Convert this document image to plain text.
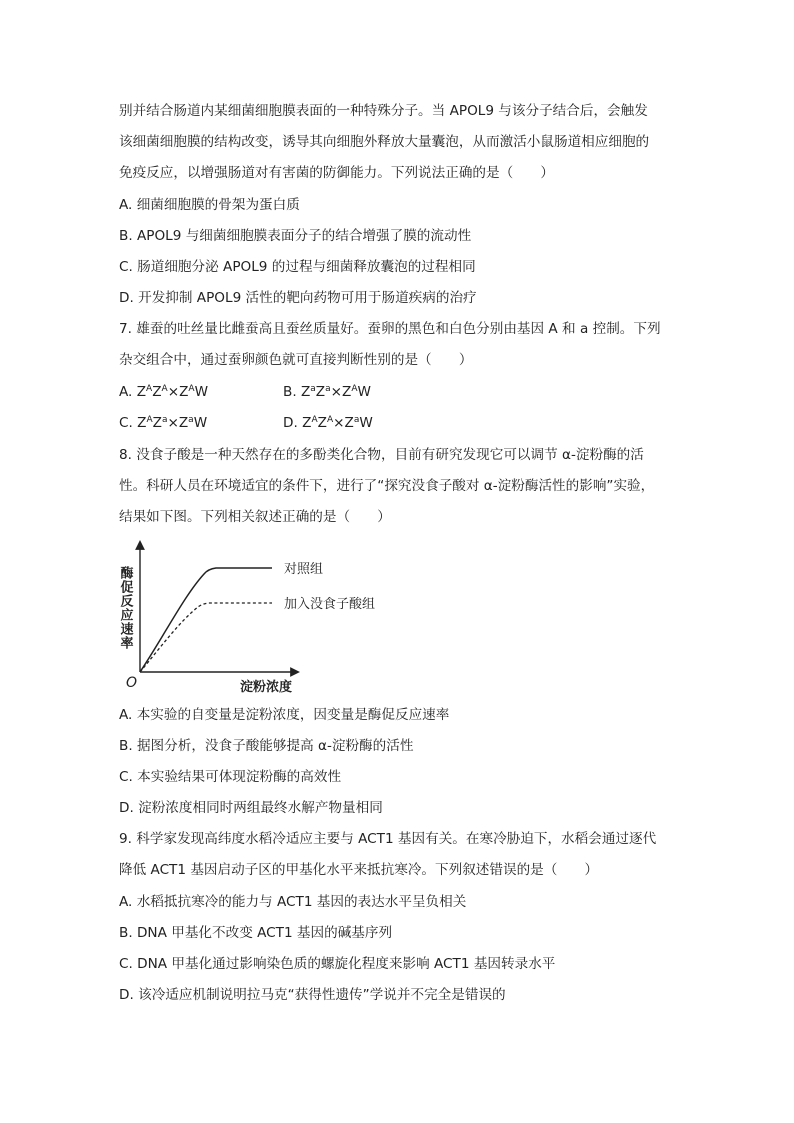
别并结合肠道内某细菌细胞膜表面的一种特殊分子。当 APOL9 与该分子结合后，会触发
该细菌细胞膜的结构改变，诱导其向细胞外释放大量囊泡，从而激活小鼠肠道相应细胞的
免疫反应，以增强肠道对有害菌的防御能力。下列说法正确的是（　　）
A. 细菌细胞膜的骨架为蛋白质
B. APOL9 与细菌细胞膜表面分子的结合增强了膜的流动性
C. 肠道细胞分泌 APOL9 的过程与细菌释放囊泡的过程相同
D. 开发抑制 APOL9 活性的靶向药物可用于肠道疾病的治疗
7. 雄蚕的吐丝量比雌蚕高且蚕丝质量好。蚕卵的黑色和白色分别由基因 A 和 a 控制。下列
杂交组合中，通过蚕卵颜色就可直接判断性别的是（　　）
A. $Z^AZ^A\times Z^AW$	B. $Z^aZ^a\times Z^AW$
C. $Z^AZ^a\times Z^aW$	D. $Z^AZ^A\times Z^aW$
8. 没食子酸是一种天然存在的多酚类化合物，目前有研究发现它可以调节 α-淀粉酶的活
性。科研人员在环境适宜的条件下，进行了“探究没食子酸对 α-淀粉酶活性的影响”实验，
结果如下图。下列相关叙述正确的是（　　）
对照组
加入没食子酸组
O	淀粉浓度
酶促反应速率
A. 本实验的自变量是淀粉浓度，因变量是酶促反应速率
B. 据图分析，没食子酸能够提高 α-淀粉酶的活性
C. 本实验结果可体现淀粉酶的高效性
D. 淀粉浓度相同时两组最终水解产物量相同
9. 科学家发现高纬度水稻冷适应主要与 ACT1 基因有关。在寒冷胁迫下，水稻会通过逐代
降低 ACT1 基因启动子区的甲基化水平来抵抗寒冷。下列叙述错误的是（　　）
A. 水稻抵抗寒冷的能力与 ACT1 基因的表达水平呈负相关
B. DNA 甲基化不改变 ACT1 基因的碱基序列
C. DNA 甲基化通过影响染色质的螺旋化程度来影响 ACT1 基因转录水平
D. 该冷适应机制说明拉马克“获得性遗传”学说并不完全是错误的
